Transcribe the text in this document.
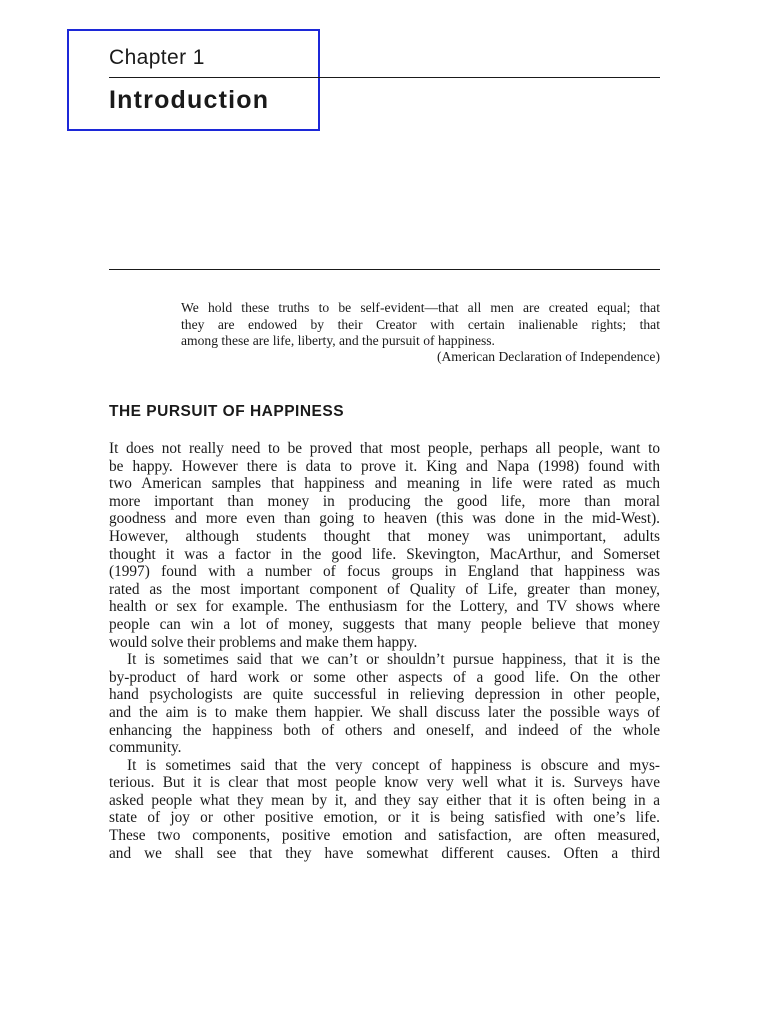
Chapter 1
Introduction
We hold these truths to be self-evident—that all men are created equal; that
they are endowed by their Creator with certain inalienable rights; that
among these are life, liberty, and the pursuit of happiness.
(American Declaration of Independence)
THE PURSUIT OF HAPPINESS
It does not really need to be proved that most people, perhaps all people, want to
be happy. However there is data to prove it. King and Napa (1998) found with
two American samples that happiness and meaning in life were rated as much
more important than money in producing the good life, more than moral
goodness and more even than going to heaven (this was done in the mid-West).
However, although students thought that money was unimportant, adults
thought it was a factor in the good life. Skevington, MacArthur, and Somerset
(1997) found with a number of focus groups in England that happiness was
rated as the most important component of Quality of Life, greater than money,
health or sex for example. The enthusiasm for the Lottery, and TV shows where
people can win a lot of money, suggests that many people believe that money
would solve their problems and make them happy.
It is sometimes said that we can’t or shouldn’t pursue happiness, that it is the
by-product of hard work or some other aspects of a good life. On the other
hand psychologists are quite successful in relieving depression in other people,
and the aim is to make them happier. We shall discuss later the possible ways of
enhancing the happiness both of others and oneself, and indeed of the whole
community.
It is sometimes said that the very concept of happiness is obscure and mys-
terious. But it is clear that most people know very well what it is. Surveys have
asked people what they mean by it, and they say either that it is often being in a
state of joy or other positive emotion, or it is being satisfied with one’s life.
These two components, positive emotion and satisfaction, are often measured,
and we shall see that they have somewhat different causes. Often a third
